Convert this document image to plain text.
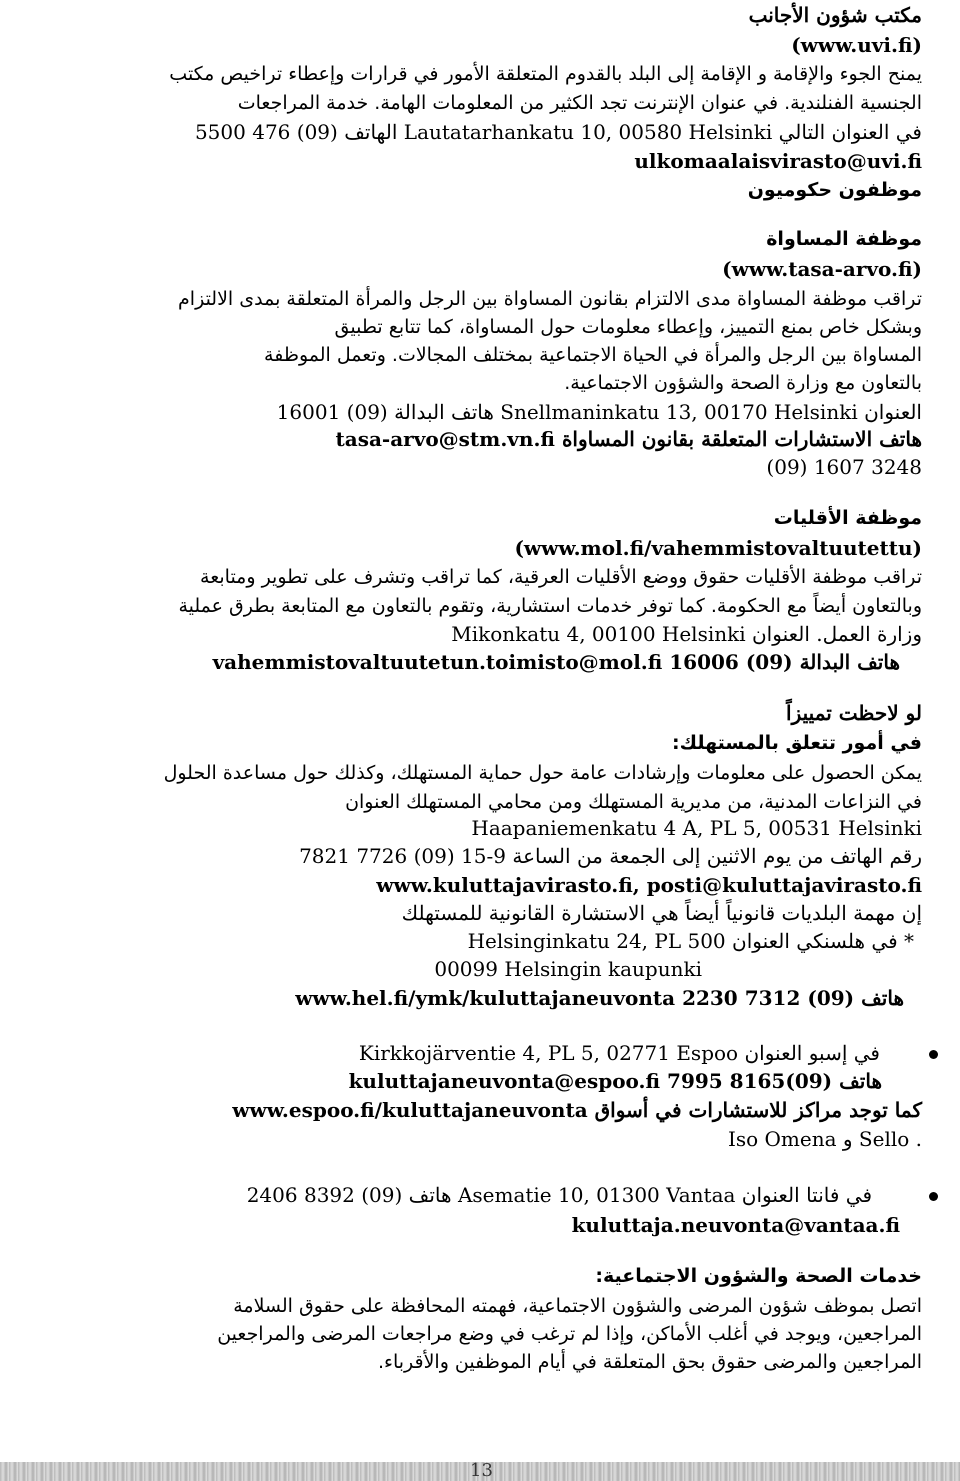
مكتب شؤون الأجانب
(www.uvi.fi)
يمنح الجوء والإقامة و الإقامة إلى البلد بالقدوم المتعلقة الأمور في قرارات وإعطاء تراخيص مكتب
الجنسية الفنلندية. في عنوان الإنترنت تجد الكثير من المعلومات الهامة. خدمة المراجعات
في العنوان التالي Lautatarhankatu 10, 00580 Helsinki الهاتف (09) 476 5500
ulkomaalaisvirasto@uvi.fi
موظفون حكوميون
موظفة المساواة
(www.tasa-arvo.fi)
تراقب موظفة المساواة مدى الالتزام بقانون المساواة بين الرجل والمرأة المتعلقة بمدى الالتزام
وبشكل خاص بمنع التمييز، وإعطاء معلومات حول المساواة، كما تتابع تطبيق
المساواة بين الرجل والمرأة في الحياة الاجتماعية بمختلف المجالات. وتعمل الموظفة
بالتعاون مع وزارة الصحة والشؤون الاجتماعية.
العنوان Snellmaninkatu 13, 00170 Helsinki هاتف البدالة (09) 16001
tasa-arvo@stm.vn.fi هاتف الاستشارات المتعلقة بقانون المساواة
(09) 1607 3248
موظفة الأقليات
(www.mol.fi/vahemmistovaltuutettu)
تراقب موظفة الأقليات حقوق ووضع الأقليات العرقية، كما تراقب وتشرف على تطوير ومتابعة
وبالتعاون أيضاً مع الحكومة. كما توفر خدمات استشارية، وتقوم بالتعاون مع المتابعة بطرق عملية
وزارة العمل. العنوان Mikonkatu 4, 00100 Helsinki
vahemmistovaltuutetun.toimisto@mol.fi هاتف البدالة (09) 16006
لو لاحظت تمييزاً
في أمور تتعلق بالمستهلك:
يمكن الحصول على معلومات وإرشادات عامة حول حماية المستهلك، وكذلك حول مساعدة الحلول
في النزاعات المدنية، من مديرية المستهلك ومن محامي المستهلك العنوان
Haapaniemenkatu 4 A, PL 5, 00531 Helsinki
رقم الهاتف من يوم الاثنين إلى الجمعة من الساعة 9-15 (09) 7726 7821
www.kuluttajavirasto.fi, posti@kuluttajavirasto.fi
إن مهمة البلديات قانونياً أيضاً هي الاستشارة القانونية للمستهلك
* في هلسنكي العنوان Helsinginkatu 24, PL 500
00099 Helsingin kaupunki
هاتف (09) 7312 2230 www.hel.fi/ymk/kuluttajaneuvonta
في إسبو العنوان Kirkkojärventie 4, PL 5, 02771 Espoo
هاتف (09)8165 7995 kuluttajaneuvonta@espoo.fi
www.espoo.fi/kuluttajaneuvonta كما توجد مراكز للاستشارات في أسواق
Iso Omena و Sello .
في فانتا العنوان Asematie 10, 01300 Vantaa هاتف (09) 8392 2406
kuluttaja.neuvonta@vantaa.fi
خدمات الصحة والشؤون الاجتماعية:
اتصل بموظف شؤون المرضى والشؤون الاجتماعية، فهمته المحافظة على حقوق السلامة
المراجعين، ويوجد في أغلب الأماكن، وإذا لم ترغب في وضع مراجعات المرضى والمراجعين
المراجعين والمرضى حقوق بحق المتعلقة في أيام الموظفين والأقرباء.
13
